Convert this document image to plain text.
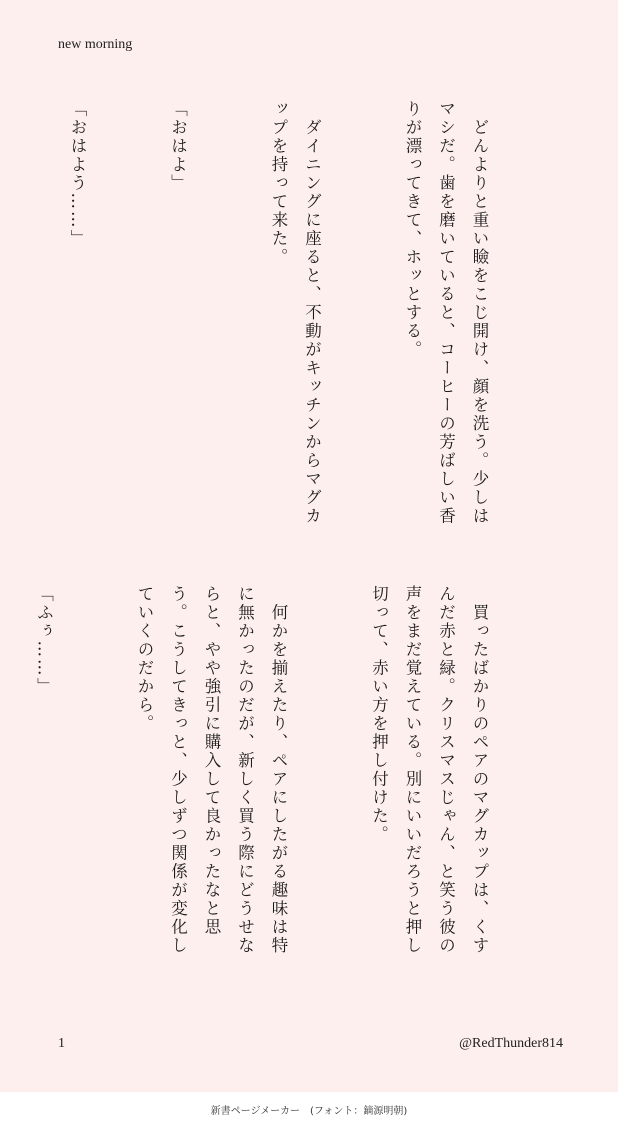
new morning

　どんよりと重い瞼をこじ開け、顔を洗う。少しはマシだ。歯を磨いていると、コーヒーの芳ばしい香りが漂ってきて、ホッとする。

　ダイニングに座ると、不動がキッチンからマグカップを持って来た。

「おはよ」

「おはよう……」

　買ったばかりのペアのマグカップは、くすんだ赤と緑。クリスマスじゃん、と笑う彼の声をまだ覚えている。別にいいだろうと押し切って、赤い方を押し付けた。

　何かを揃えたり、ペアにしたがる趣味は特に無かったのだが、新しく買う際にどうせならと、やや強引に購入して良かったなと思う。こうしてきっと、少しずつ関係が変化していくのだから。

「ふぅ……」

1	@RedThunder814
新書ページメーカー　(フォント：鏑源明朝)
